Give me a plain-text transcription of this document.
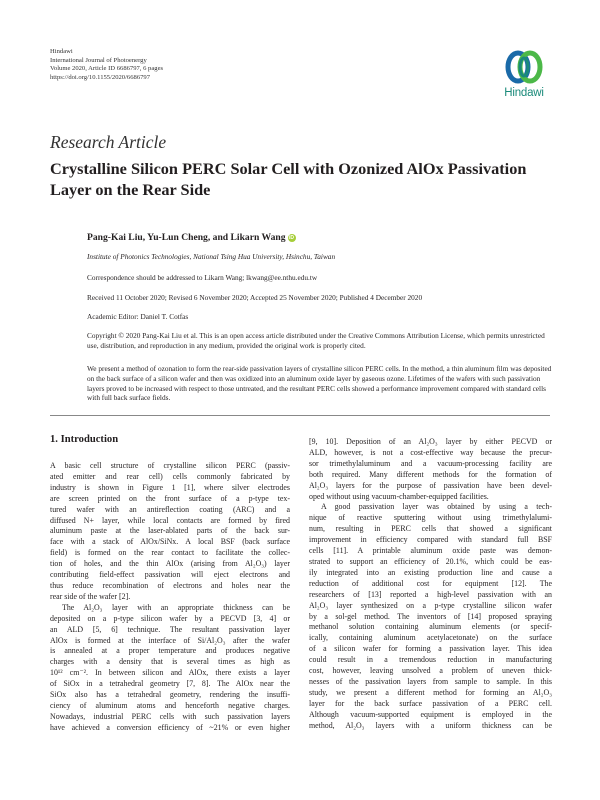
Hindawi
International Journal of Photoenergy
Volume 2020, Article ID 6686797, 6 pages
https://doi.org/10.1155/2020/6686797
Hindawi
Research Article
Crystalline Silicon PERC Solar Cell with Ozonized AlOx Passivation Layer on the Rear Side
Pang-Kai Liu, Yu-Lun Cheng, and Likarn Wang iD
Institute of Photonics Technologies, National Tsing Hua University, Hsinchu, Taiwan
Correspondence should be addressed to Likarn Wang; lkwang@ee.nthu.edu.tw
Received 11 October 2020; Revised 6 November 2020; Accepted 25 November 2020; Published 4 December 2020
Academic Editor: Daniel T. Cotfas
Copyright © 2020 Pang-Kai Liu et al. This is an open access article distributed under the Creative Commons Attribution License, which permits unrestricted use, distribution, and reproduction in any medium, provided the original work is properly cited.
We present a method of ozonation to form the rear-side passivation layers of crystalline silicon PERC cells. In the method, a thin aluminum film was deposited on the back surface of a silicon wafer and then was oxidized into an aluminum oxide layer by gaseous ozone. Lifetimes of the wafers with such passivation layers proved to be increased with respect to those untreated, and the resultant PERC cells showed a performance improvement compared with standard cells with full back surface fields.
1. Introduction
A basic cell structure of crystalline silicon PERC (passiv-
ated emitter and rear cell) cells commonly fabricated by
industry is shown in Figure 1 [1], where silver electrodes
are screen printed on the front surface of a p-type tex-
tured wafer with an antireflection coating (ARC) and a
diffused N+ layer, while local contacts are formed by fired
aluminum paste at the laser-ablated parts of the back sur-
face with a stack of AlOx/SiNx. A local BSF (back surface
field) is formed on the rear contact to facilitate the collec-
tion of holes, and the thin AlOx (arising from Al₂O₃) layer
contributing field-effect passivation will eject electrons and
thus reduce recombination of electrons and holes near the
rear side of the wafer [2].
The Al₂O₃ layer with an appropriate thickness can be
deposited on a p-type silicon wafer by a PECVD [3, 4] or
an ALD [5, 6] technique. The resultant passivation layer
AlOx is formed at the interface of Si/Al₂O₃ after the wafer
is annealed at a proper temperature and produces negative
charges with a density that is several times as high as
10¹² cm⁻². In between silicon and AlOx, there exists a layer
of SiOx in a tetrahedral geometry [7, 8]. The AlOx near the
SiOx also has a tetrahedral geometry, rendering the insuffi-
ciency of aluminum atoms and henceforth negative charges.
Nowadays, industrial PERC cells with such passivation layers
have achieved a conversion efficiency of ~21% or even higher
[9, 10]. Deposition of an Al₂O₃ layer by either PECVD or
ALD, however, is not a cost-effective way because the precur-
sor trimethylaluminum and a vacuum-processing facility are
both required. Many different methods for the formation of
Al₂O₃ layers for the purpose of passivation have been devel-
oped without using vacuum-chamber-equipped facilities.
A good passivation layer was obtained by using a tech-
nique of reactive sputtering without using trimethylalumi-
num, resulting in PERC cells that showed a significant
improvement in efficiency compared with standard full BSF
cells [11]. A printable aluminum oxide paste was demon-
strated to support an efficiency of 20.1%, which could be eas-
ily integrated into an existing production line and cause a
reduction of additional cost for equipment [12]. The
researchers of [13] reported a high-level passivation with an
Al₂O₃ layer synthesized on a p-type crystalline silicon wafer
by a sol-gel method. The inventors of [14] proposed spraying
methanol solution containing aluminum elements (or specif-
ically, containing aluminum acetylacetonate) on the surface
of a silicon wafer for forming a passivation layer. This idea
could result in a tremendous reduction in manufacturing
cost, however, leaving unsolved a problem of uneven thick-
nesses of the passivation layers from sample to sample. In this
study, we present a different method for forming an Al₂O₃
layer for the back surface passivation of a PERC cell.
Although vacuum-supported equipment is employed in the
method, Al₂O₃ layers with a uniform thickness can be
